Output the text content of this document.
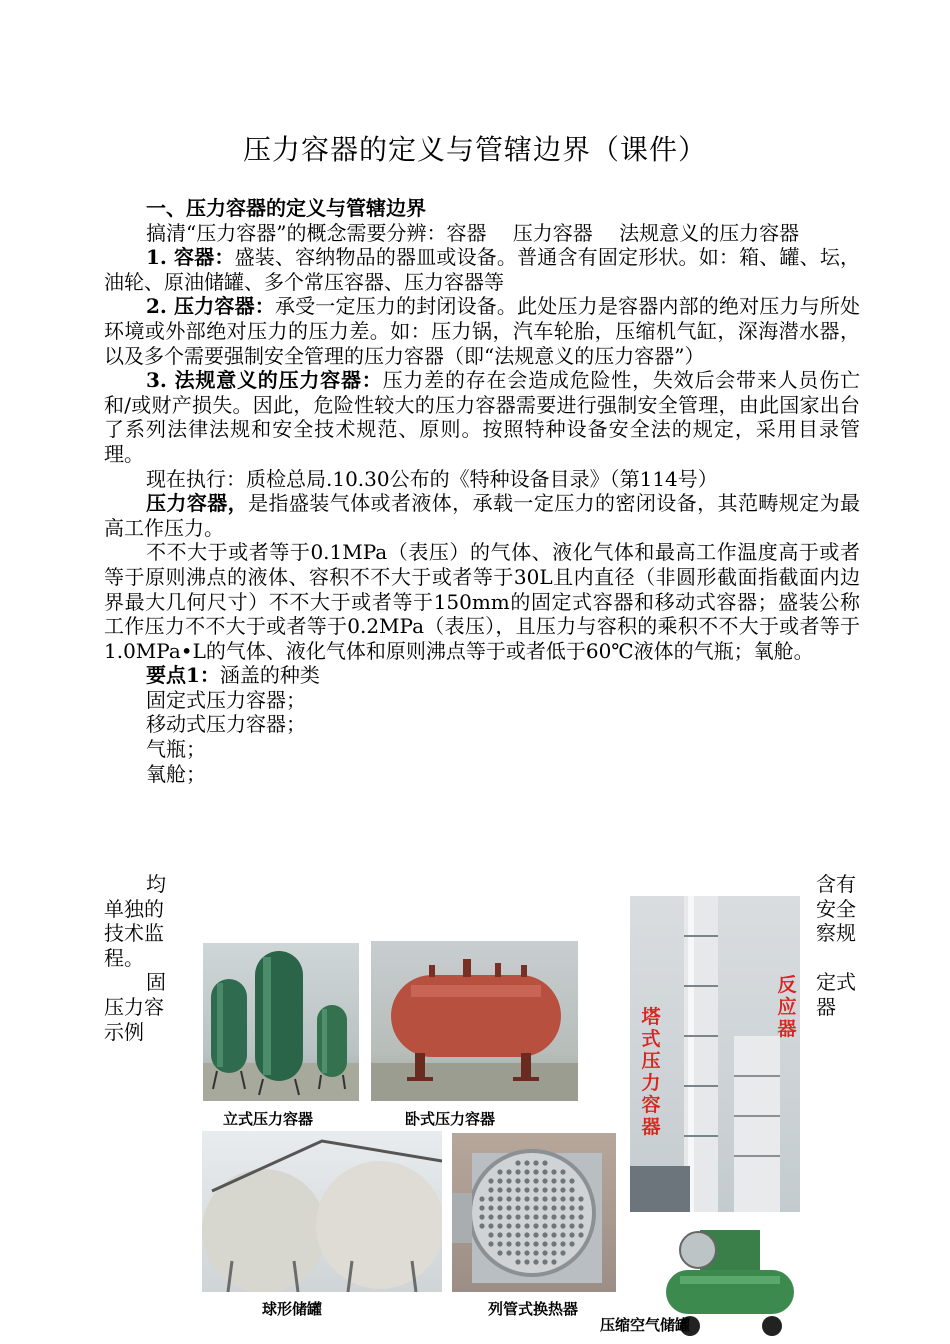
压力容器的定义与管辖边界（课件）

一、压力容器的定义与管辖边界

搞清“压力容器”的概念需要分辨：容器　 压力容器　 法规意义的压力容器

1. 容器：盛装、容纳物品的器皿或设备。普通含有固定形状。如：箱、罐、坛，油轮、原油储罐、多个常压容器、压力容器等

2. 压力容器：承受一定压力的封闭设备。此处压力是容器内部的绝对压力与所处环境或外部绝对压力的压力差。如：压力锅，汽车轮胎，压缩机气缸，深海潜水器，以及多个需要强制安全管理的压力容器（即“法规意义的压力容器”）

3. 法规意义的压力容器：压力差的存在会造成危险性，失效后会带来人员伤亡和/或财产损失。因此，危险性较大的压力容器需要进行强制安全管理，由此国家出台了系列法律法规和安全技术规范、原则。按照特种设备安全法的规定，采用目录管理。

现在执行：质检总局.10.30公布的《特种设备目录》（第114号）

压力容器，是指盛装气体或者液体，承载一定压力的密闭设备，其范畴规定为最高工作压力。

不不大于或者等于0.1MPa（表压）的气体、液化气体和最高工作温度高于或者等于原则沸点的液体、容积不不大于或者等于30L且内直径（非圆形截面指截面内边界最大几何尺寸）不不大于或者等于150mm的固定式容器和移动式容器；盛装公称工作压力不不大于或者等于0.2MPa（表压），且压力与容积的乘积不不大于或者等于1.0MPa•L的气体、液化气体和原则沸点等于或者低于60℃液体的气瓶；氧舱。

要点1：涵盖的种类

固定式压力容器；

移动式压力容器；

气瓶；

氧舱；

均
单独的
技术监
程。
固
压力容
示例
含有
安全
察规
定式
器
立式压力容器	卧式压力容器
球形储罐	列管式换热器
塔式压力容器
反应器
压缩空气储罐
